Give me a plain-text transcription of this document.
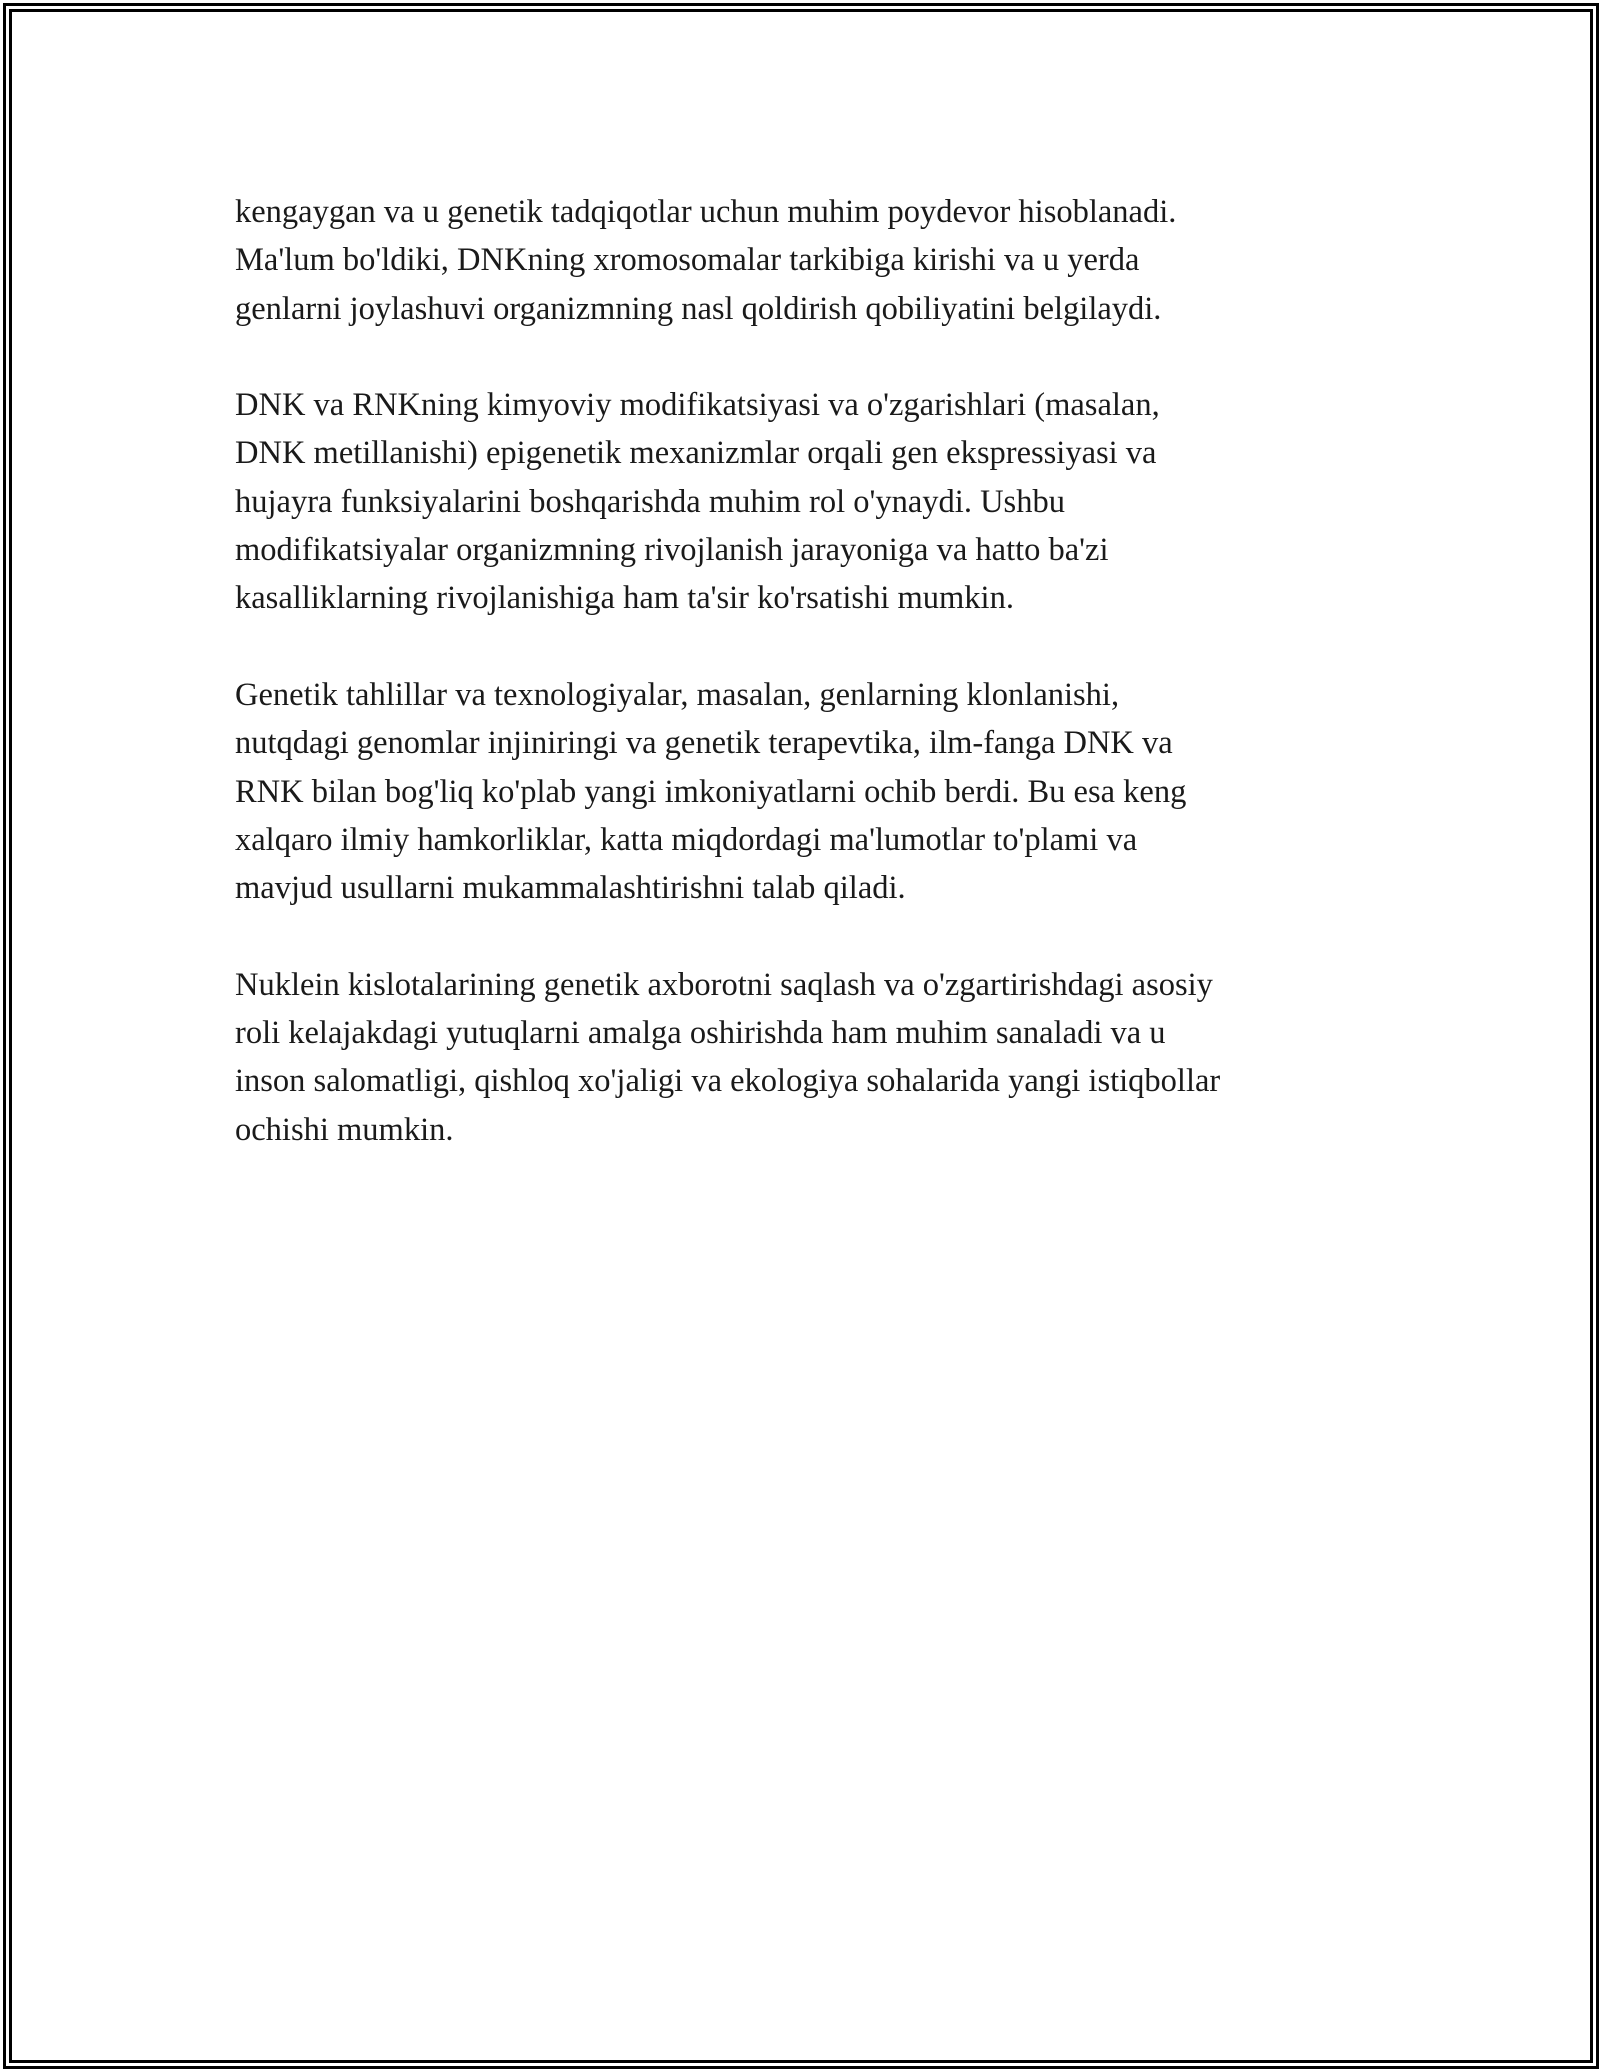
kengaygan va u genetik tadqiqotlar uchun muhim poydevor hisoblanadi.
Ma'lum bo'ldiki, DNKning xromosomalar tarkibiga kirishi va u yerda
genlarni joylashuvi organizmning nasl qoldirish qobiliyatini belgilaydi.

DNK va RNKning kimyoviy modifikatsiyasi va o'zgarishlari (masalan,
DNK metillanishi) epigenetik mexanizmlar orqali gen ekspressiyasi va
hujayra funksiyalarini boshqarishda muhim rol o'ynaydi. Ushbu
modifikatsiyalar organizmning rivojlanish jarayoniga va hatto ba'zi
kasalliklarning rivojlanishiga ham ta'sir ko'rsatishi mumkin.

Genetik tahlillar va texnologiyalar, masalan, genlarning klonlanishi,
nutqdagi genomlar injiniringi va genetik terapevtika, ilm-fanga DNK va
RNK bilan bog'liq ko'plab yangi imkoniyatlarni ochib berdi. Bu esa keng
xalqaro ilmiy hamkorliklar, katta miqdordagi ma'lumotlar to'plami va
mavjud usullarni mukammalashtirishni talab qiladi.

Nuklein kislotalarining genetik axborotni saqlash va o'zgartirishdagi asosiy
roli kelajakdagi yutuqlarni amalga oshirishda ham muhim sanaladi va u
inson salomatligi, qishloq xo'jaligi va ekologiya sohalarida yangi istiqbollar
ochishi mumkin.
